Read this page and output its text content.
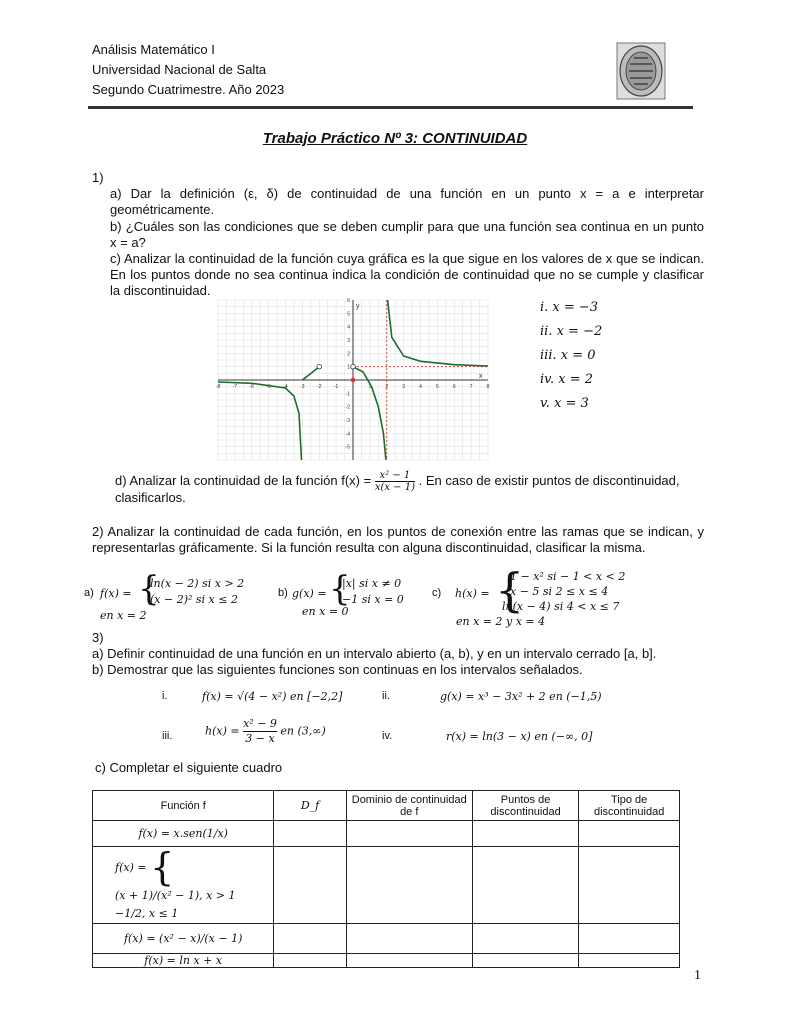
Análisis Matemático I
Universidad Nacional de Salta
Segundo Cuatrimestre. Año 2023
Trabajo Práctico Nº 3: CONTINUIDAD
1)
a) Dar la definición (ε, δ) de continuidad de una función en un punto x = a e interpretar geométricamente.
b) ¿Cuáles son las condiciones que se deben cumplir para que una función sea continua en un punto x = a?
c) Analizar la continuidad de la función cuya gráfica es la que sigue en los valores de x que se indican. En los puntos donde no sea continua indica la condición de continuidad que no se cumple y clasificar la discontinuidad.
-8 -7 -6 -5 -4 -3 -2 -1	1	2	3	4	5	6	7	8
-5
-4
-3
-2
-1
1
2
3
4
5
6
x
y	i. x = −3
ii. x = −2
iii. x = 0
iv. x = 2
v. x = 3
d) Analizar la continuidad de la función $f(x) = \frac{\text{x² − 1}}{x(x - 1)}$ . En caso de existir puntos de discontinuidad,
clasificarlos.
2) Analizar la continuidad de cada función, en los puntos de conexión entre las ramas que se indican, y representarlas gráficamente. Si la función resulta con alguna discontinuidad, clasificar la misma.
a) f(x) = {
ln(x − 2) si x > 2
(x − 2)² si x ≤ 2
en x = 2
b) g(x) = {
|x| si x ≠ 0
−1 si x = 0
en x = 0
c) h(x) = {
1 − x² si − 1 < x < 2
x − 5 si 2 ≤ x ≤ 4
ln(x − 4) si 4 < x ≤ 7
en x = 2 y x = 4
3)
a) Definir continuidad de una función en un intervalo abierto (a, b), y en un intervalo cerrado [a, b].
b) Demostrar que las siguientes funciones son continuas en los intervalos señalados.
i.	f(x) = √(4 − x²) en [−2,2]	ii.	g(x) = x³ − 3x² + 2 en (−1,5)
iii.	$h(x) = \frac{\text{x² − 9}}{3 - x}$ en (3,∞)	iv.	r(x) = ln(3 − x) en (−∞, 0]
c) Completar el siguiente cuadro
Función f	D_f	Dominio de continuidad de f	Puntos de discontinuidad	Tipo de discontinuidad
f(x) = x.sen(1/x)				
f(x) = {
(x + 1)/(x² − 1), x > 1
−1/2, x ≤ 1				

f(x) = (x² − x)/(x − 1)				
f(x) = ln x + x				
1
